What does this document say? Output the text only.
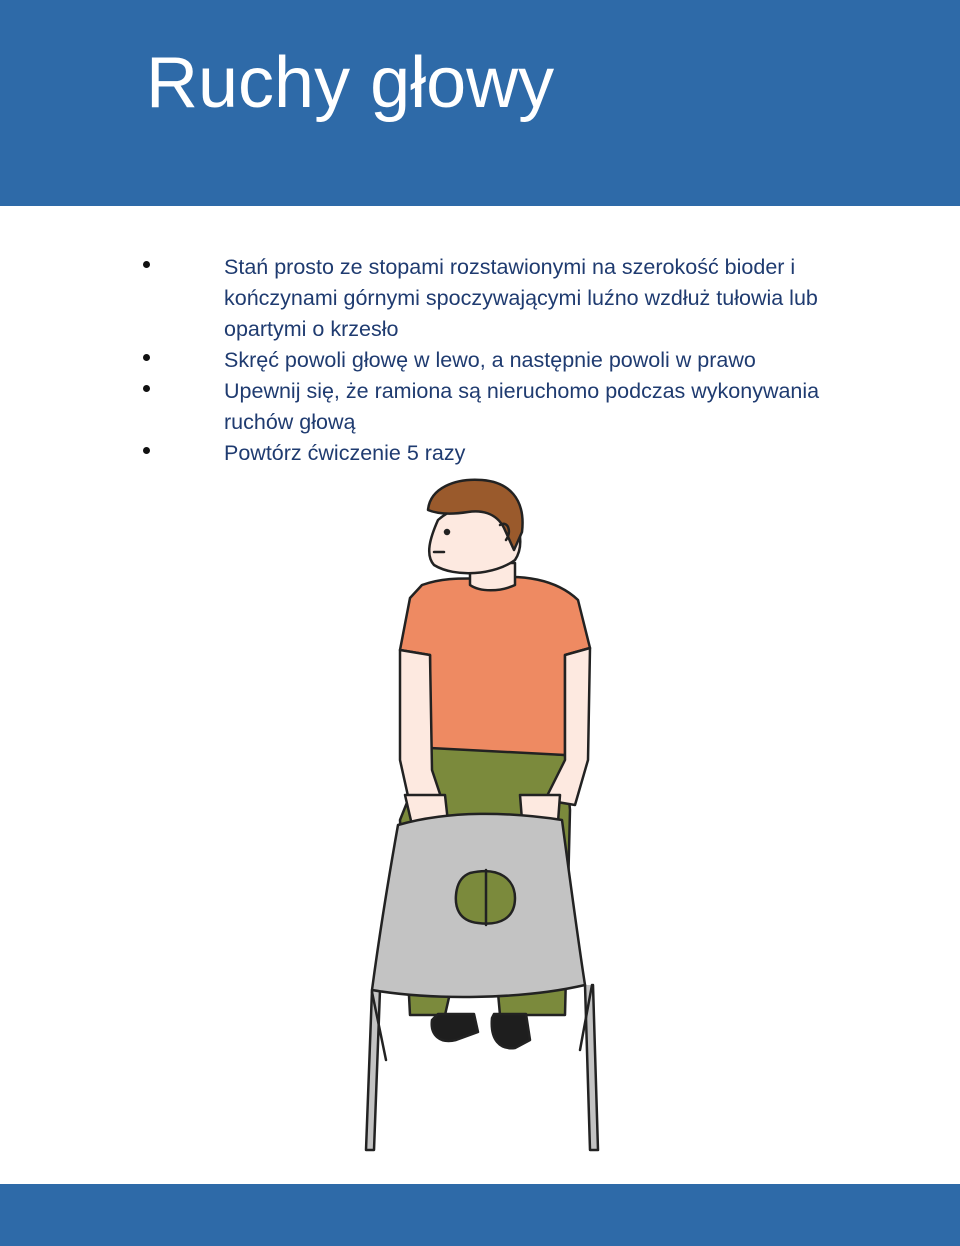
Ruchy głowy
Stań prosto ze stopami rozstawionymi na szerokość bioder i kończynami górnymi spoczywającymi luźno wzdłuż tułowia lub opartymi o krzesło
Skręć powoli głowę w lewo, a następnie powoli w prawo
Upewnij się, że ramiona są nieruchomo podczas wykonywania ruchów głową
Powtórz ćwiczenie 5 razy
